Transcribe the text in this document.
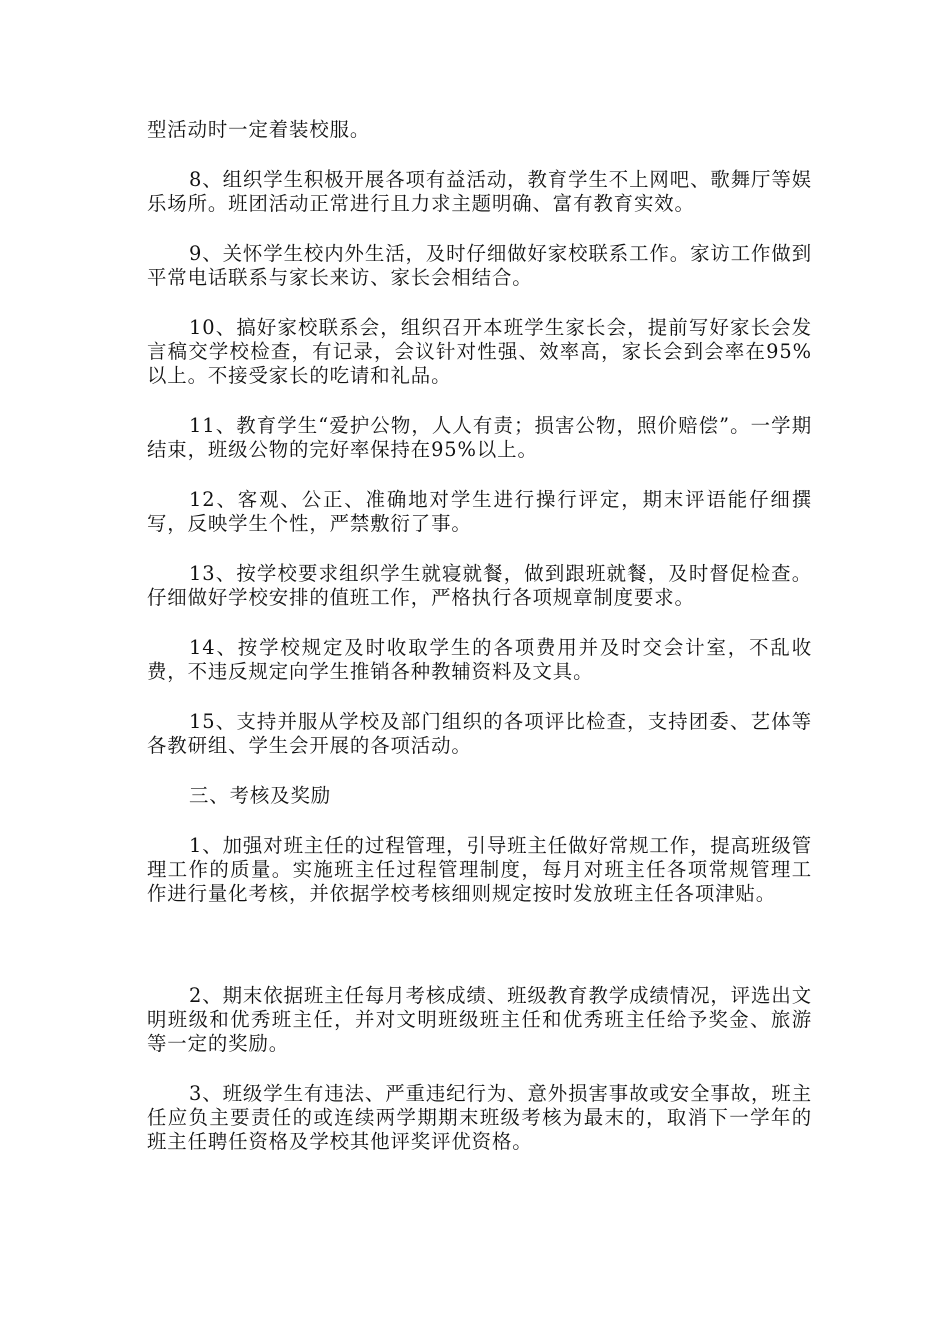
型活动时一定着装校服。

8、组织学生积极开展各项有益活动，教育学生不上网吧、歌舞厅等娱乐场所。班团活动正常进行且力求主题明确、富有教育实效。

9、关怀学生校内外生活，及时仔细做好家校联系工作。家访工作做到平常电话联系与家长来访、家长会相结合。

10、搞好家校联系会，组织召开本班学生家长会，提前写好家长会发言稿交学校检查，有记录，会议针对性强、效率高，家长会到会率在95%以上。不接受家长的吃请和礼品。

11、教育学生“爱护公物，人人有责；损害公物，照价赔偿”。一学期结束，班级公物的完好率保持在95%以上。

12、客观、公正、准确地对学生进行操行评定，期末评语能仔细撰写，反映学生个性，严禁敷衍了事。

13、按学校要求组织学生就寝就餐，做到跟班就餐，及时督促检查。仔细做好学校安排的值班工作，严格执行各项规章制度要求。

14、按学校规定及时收取学生的各项费用并及时交会计室，不乱收费，不违反规定向学生推销各种教辅资料及文具。

15、支持并服从学校及部门组织的各项评比检查，支持团委、艺体等各教研组、学生会开展的各项活动。

三、考核及奖励

1、加强对班主任的过程管理，引导班主任做好常规工作，提高班级管理工作的质量。实施班主任过程管理制度，每月对班主任各项常规管理工作进行量化考核，并依据学校考核细则规定按时发放班主任各项津贴。

2、期末依据班主任每月考核成绩、班级教育教学成绩情况，评选出文明班级和优秀班主任，并对文明班级班主任和优秀班主任给予奖金、旅游等一定的奖励。

3、班级学生有违法、严重违纪行为、意外损害事故或安全事故，班主任应负主要责任的或连续两学期期末班级考核为最末的，取消下一学年的班主任聘任资格及学校其他评奖评优资格。
